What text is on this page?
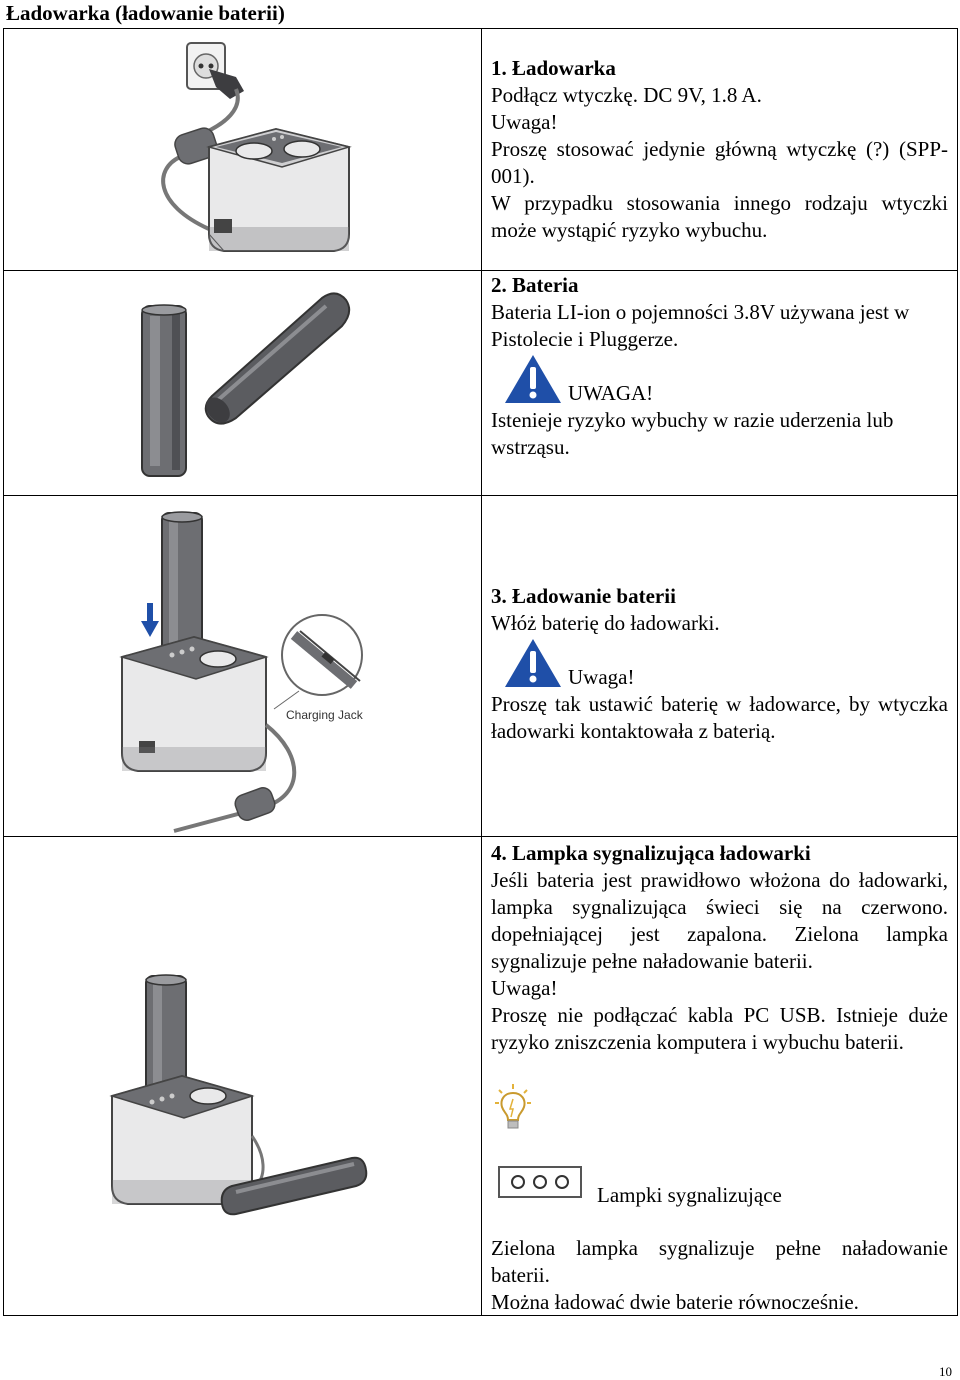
Ładowarka (ładowanie baterii)

1. Ładowarka

Podłącz wtyczkę. DC 9V, 1.8 A.

Uwaga!

Proszę stosować jedynie główną wtyczkę (?) (SPP-001).

W przypadku stosowania innego rodzaju wtyczki może wystąpić ryzyko wybuchu.

2. Bateria

Bateria LI-ion o pojemności 3.8V używana jest w Pistolecie i Pluggerze.

UWAGA!

Istenieje ryzyko wybuchy w razie uderzenia lub wstrząsu.

Charging Jack

3. Ładowanie baterii

Włóż baterię do ładowarki.

Uwaga!

Proszę tak ustawić baterię w ładowarce, by wtyczka ładowarki kontaktowała z baterią.

4. Lampka sygnalizująca ładowarki

Jeśli bateria jest prawidłowo włożona do ładowarki, lampka sygnalizująca świeci się na czerwono. dopełniającej jest zapalona. Zielona lampka sygnalizuje pełne naładowanie baterii.

Uwaga!

Proszę nie podłączać kabla PC USB. Istnieje duże ryzyko zniszczenia komputera i wybuchu baterii.

Lampki sygnalizujące

Zielona lampka sygnalizuje pełne naładowanie baterii.

Można ładować dwie baterie równocześnie.

10
